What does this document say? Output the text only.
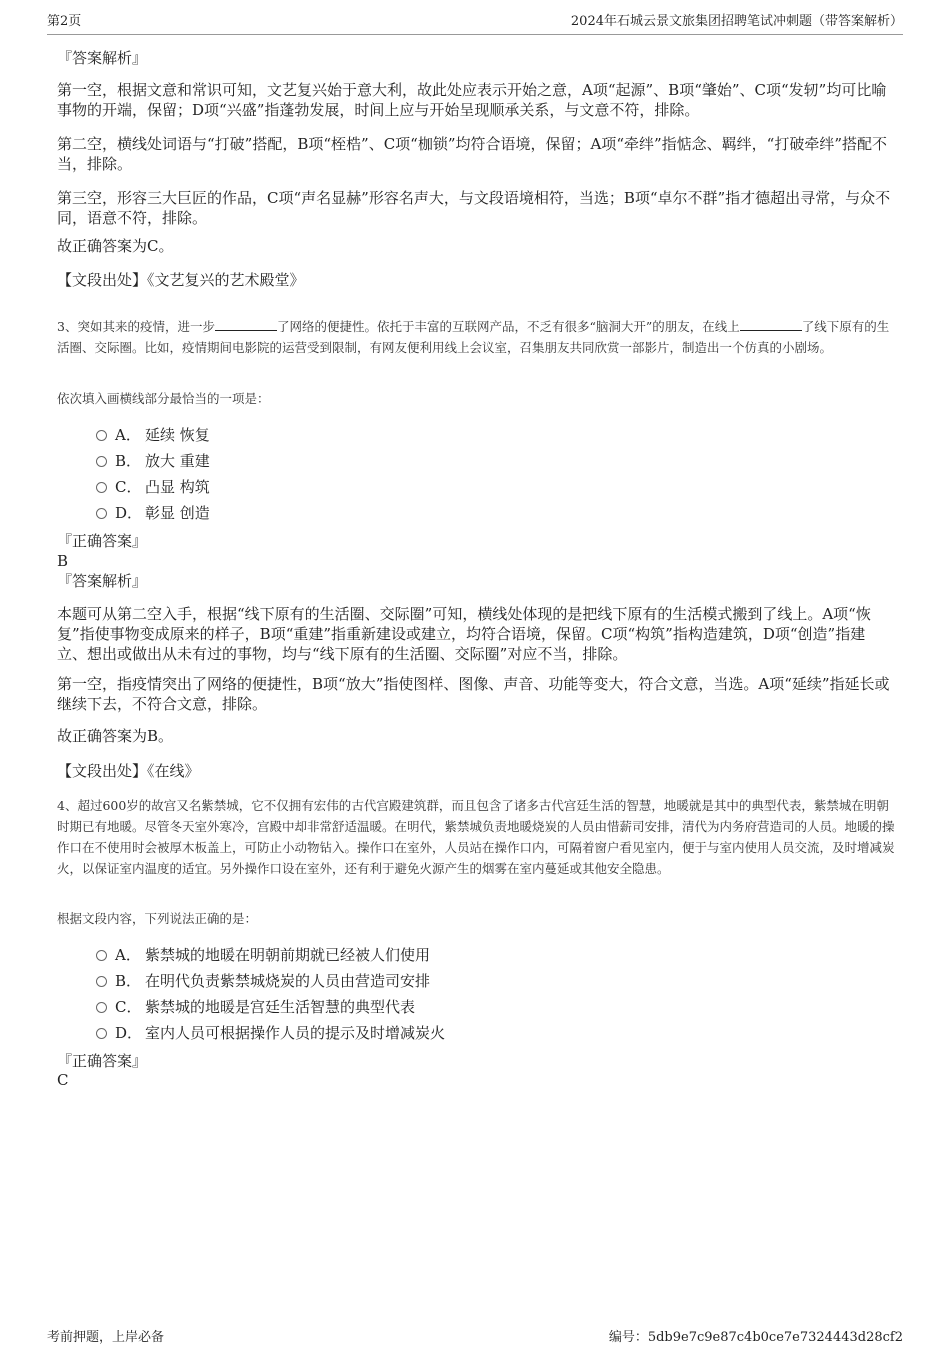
第2页	2024年石城云景文旅集团招聘笔试冲刺题（带答案解析）

『答案解析』

第一空，根据文意和常识可知，文艺复兴始于意大利，故此处应表示开始之意，A项“起源”、B项“肇始”、C项“发轫”均可比喻事物的开端，保留；D项“兴盛”指蓬勃发展，时间上应与开始呈现顺承关系，与文意不符，排除。

第二空，横线处词语与“打破”搭配，B项“桎梏”、C项“枷锁”均符合语境，保留；A项“牵绊”指惦念、羁绊，“打破牵绊”搭配不当，排除。

第三空，形容三大巨匠的作品，C项“声名显赫”形容名声大，与文段语境相符，当选；B项“卓尔不群”指才德超出寻常，与众不同，语意不符，排除。

故正确答案为C。

【文段出处】《文艺复兴的艺术殿堂》

3、突如其来的疫情，进一步	了网络的便捷性。依托于丰富的互联网产品，不乏有很多“脑洞大开”的朋友，在线上	了线下原有的生活圈、交际圈。比如，疫情期间电影院的运营受到限制，有网友便利用线上会议室，召集朋友共同欣赏一部影片，制造出一个仿真的小剧场。

依次填入画横线部分最恰当的一项是：

A． 延续 恢复
B． 放大 重建
C． 凸显 构筑
D． 彰显 创造

『正确答案』

B

『答案解析』

本题可从第二空入手，根据“线下原有的生活圈、交际圈”可知，横线处体现的是把线下原有的生活模式搬到了线上。A项“恢复”指使事物变成原来的样子，B项“重建”指重新建设或建立，均符合语境，保留。C项“构筑”指构造建筑，D项“创造”指建立、想出或做出从未有过的事物，均与“线下原有的生活圈、交际圈”对应不当，排除。

第一空，指疫情突出了网络的便捷性，B项“放大”指使图样、图像、声音、功能等变大，符合文意，当选。A项“延续”指延长或继续下去，不符合文意，排除。

故正确答案为B。

【文段出处】《在线》

4、超过600岁的故宫又名紫禁城，它不仅拥有宏伟的古代宫殿建筑群，而且包含了诸多古代宫廷生活的智慧，地暖就是其中的典型代表，紫禁城在明朝时期已有地暖。尽管冬天室外寒冷，宫殿中却非常舒适温暖。在明代，紫禁城负责地暖烧炭的人员由惜薪司安排，清代为内务府营造司的人员。地暖的操作口在不使用时会被厚木板盖上，可防止小动物钻入。操作口在室外，人员站在操作口内，可隔着窗户看见室内，便于与室内使用人员交流，及时增减炭火，以保证室内温度的适宜。另外操作口设在室外，还有利于避免火源产生的烟雾在室内蔓延或其他安全隐患。

根据文段内容，下列说法正确的是：

A． 紫禁城的地暖在明朝前期就已经被人们使用
B． 在明代负责紫禁城烧炭的人员由营造司安排
C． 紫禁城的地暖是宫廷生活智慧的典型代表
D． 室内人员可根据操作人员的提示及时增减炭火

『正确答案』

C

考前押题，上岸必备	编号：5db9e7c9e87c4b0ce7e7324443d28cf2
